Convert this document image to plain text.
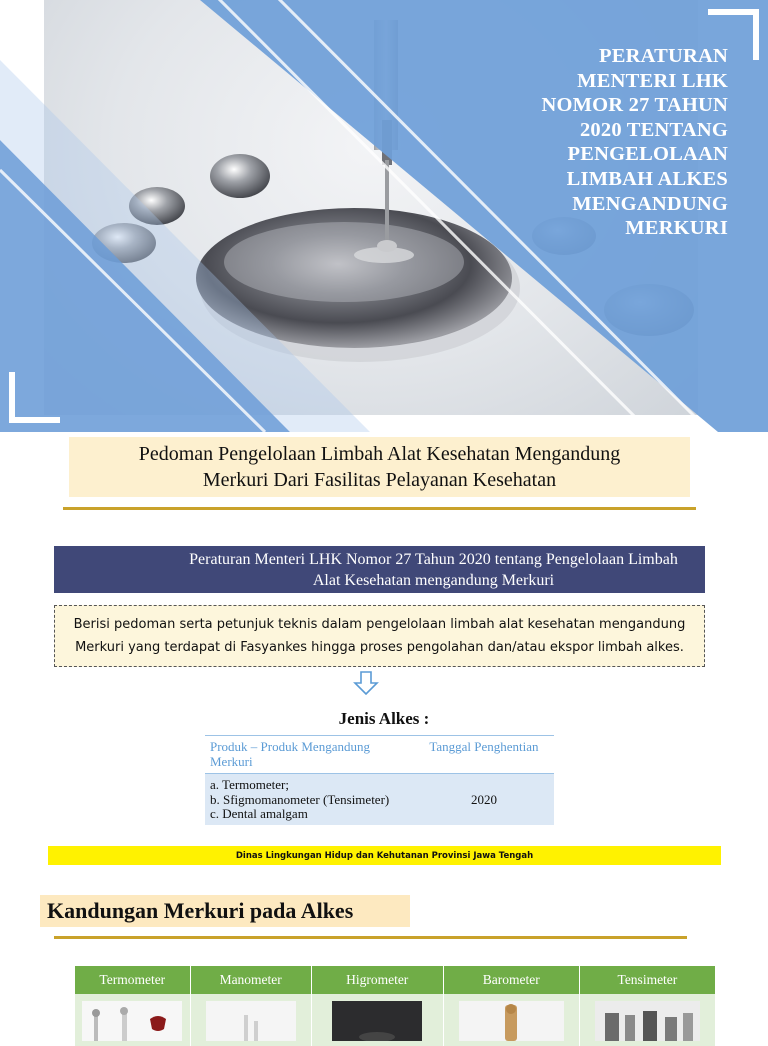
PERATURAN
MENTERI LHK
NOMOR 27 TAHUN
2020 TENTANG
PENGELOLAAN
LIMBAH ALKES
MENGANDUNG
MERKURI
Pedoman Pengelolaan Limbah Alat Kesehatan Mengandung
Merkuri Dari Fasilitas Pelayanan Kesehatan
Peraturan Menteri LHK Nomor 27 Tahun 2020 tentang Pengelolaan Limbah
Alat Kesehatan mengandung Merkuri
Berisi pedoman serta petunjuk teknis dalam pengelolaan limbah alat kesehatan mengandung
Merkuri yang terdapat di Fasyankes hingga proses pengolahan dan/atau ekspor limbah alkes.
Jenis Alkes :
Produk – Produk Mengandung Merkuri	Tanggal Penghentian

a. Termometer;
b. Sfigmomanometer (Tensimeter)
c. Dental amalgam	2020
Dinas Lingkungan Hidup dan Kehutanan Provinsi Jawa Tengah
Kandungan Merkuri pada Alkes
Termometer	Manometer	Higrometer	Barometer	Tensimeter
